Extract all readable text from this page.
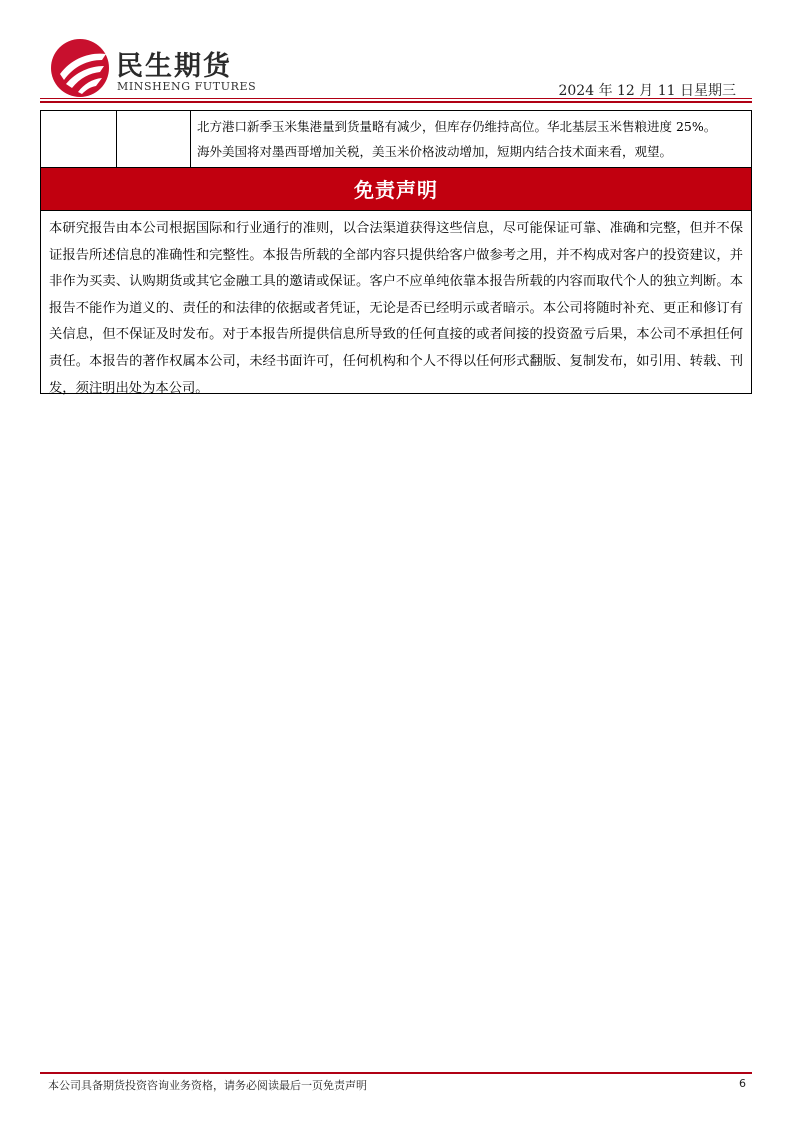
民生期货
MINSHENG FUTURES	2024 年 12 月 11 日星期三

北方港口新季玉米集港量到货量略有减少，但库存仍维持高位。华北基层玉米售粮进度 25%。
海外美国将对墨西哥增加关税，美玉米价格波动增加，短期内结合技术面来看，观望。
免责声明
本研究报告由本公司根据国际和行业通行的准则，以合法渠道获得这些信息，尽可能保证可靠、准确和完整，但并不保证报告所述信息的准确性和完整性。本报告所载的全部内容只提供给客户做参考之用，并不构成对客户的投资建议，并非作为买卖、认购期货或其它金融工具的邀请或保证。客户不应单纯依靠本报告所载的内容而取代个人的独立判断。本报告不能作为道义的、责任的和法律的依据或者凭证，无论是否已经明示或者暗示。本公司将随时补充、更正和修订有关信息，但不保证及时发布。对于本报告所提供信息所导致的任何直接的或者间接的投资盈亏后果，本公司不承担任何责任。本报告的著作权属本公司，未经书面许可，任何机构和个人不得以任何形式翻版、复制发布，如引用、转载、刊发，须注明出处为本公司。
本公司具备期货投资咨询业务资格，请务必阅读最后一页免责声明	6
